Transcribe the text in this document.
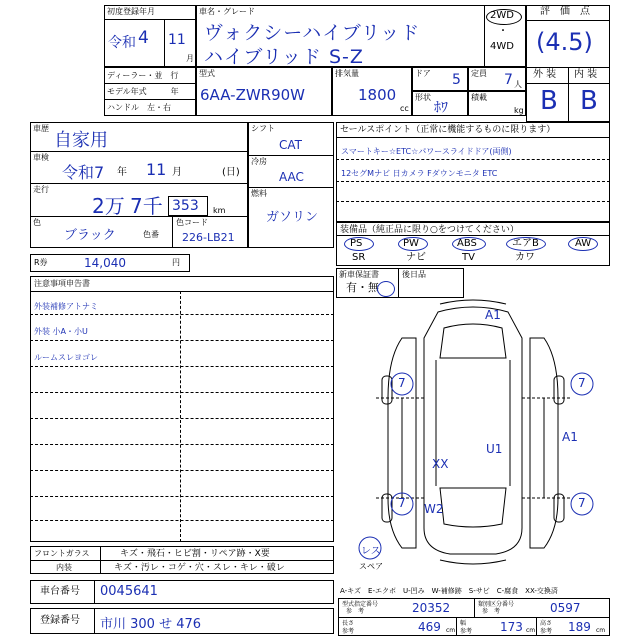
初度登録年月
令和 4 11
月
車名・グレード
ヴォクシーハイブリッド
ハイブリッド S-Z
2WD
・
4WD
評　価　点
(4.5)
外 装 内 装
B B
ディーラー・並　行
モデル年式　　　年
ハンドル　左・右
型式
6AA-ZWR90W
排気量
1800
cc
ドア 5 定員 7 人
形状
ﾎﾜ
積載
kg
車歴
自家用
車検
令和7 年 11 月	(日)
走行
2万 7千 353 km
色
ブラック
色コード
色番 226-LB21
シフト
CAT
冷房
AAC
燃料
ガソリン
R券	14,040	円
セールスポイント（正常に機能するものに限ります）
スマートキー☆ETC☆パワースライドドア(両側)
12セグMナビ 日カメラ Fダウンモニタ ETC
装備品（純正品に限り○をつけてください）
PS	PW	ABS	エアB	AW
SR	ナビ	TV	カワ
新車保証書	後日品
有・無
注意事項申告書
外装補修アトナミ
外装 小A・小U
ルームスレヨゴレ
A1
U1
XX
A1
W2
7	7
7	7
レス
スペア
A-キズ　E-エクボ　U-凹み　W-補修跡　S-サビ　C-腐食　XX-交換済
フロントガラス	キズ・飛石・ヒビ割・リペア跡・X要
内装	キズ・汚レ・コゲ・穴・スレ・キレ・破レ
車台番号 0045641
登録番号 市川 300 せ 476
型式指定番号
参　考	20352	類別区分番号
参　考	0597
長さ
参考	469 cm
幅
参考 173 cm
高さ
参考 189 cm
